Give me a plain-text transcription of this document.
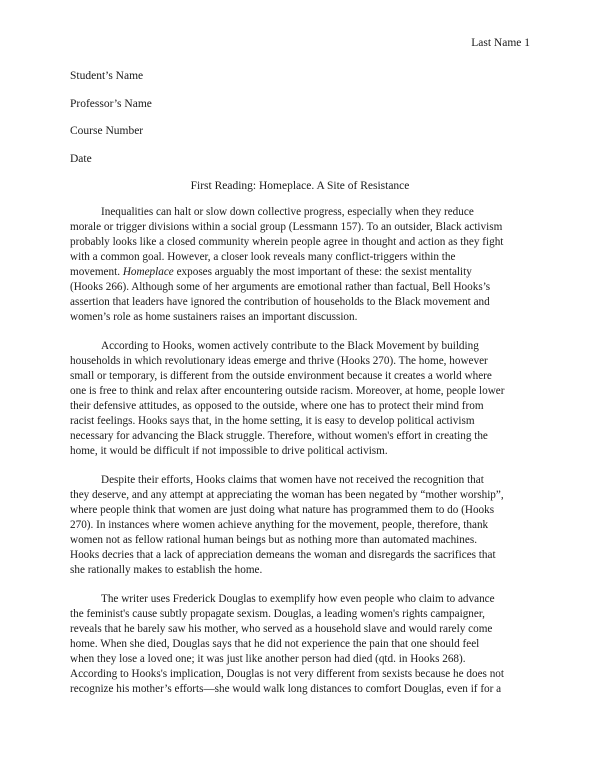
Last Name 1
Student’s Name
Professor’s Name
Course Number
Date
First Reading: Homeplace. A Site of Resistance

Inequalities can halt or slow down collective progress, especially when they reduce
morale or trigger divisions within a social group (Lessmann 157). To an outsider, Black activism
probably looks like a closed community wherein people agree in thought and action as they fight
with a common goal. However, a closer look reveals many conflict-triggers within the
movement. Homeplace exposes arguably the most important of these: the sexist mentality
(Hooks 266). Although some of her arguments are emotional rather than factual, Bell Hooks’s
assertion that leaders have ignored the contribution of households to the Black movement and
women’s role as home sustainers raises an important discussion.

According to Hooks, women actively contribute to the Black Movement by building
households in which revolutionary ideas emerge and thrive (Hooks 270). The home, however
small or temporary, is different from the outside environment because it creates a world where
one is free to think and relax after encountering outside racism. Moreover, at home, people lower
their defensive attitudes, as opposed to the outside, where one has to protect their mind from
racist feelings. Hooks says that, in the home setting, it is easy to develop political activism
necessary for advancing the Black struggle. Therefore, without women's effort in creating the
home, it would be difficult if not impossible to drive political activism.

Despite their efforts, Hooks claims that women have not received the recognition that
they deserve, and any attempt at appreciating the woman has been negated by “mother worship”,
where people think that women are just doing what nature has programmed them to do (Hooks
270). In instances where women achieve anything for the movement, people, therefore, thank
women not as fellow rational human beings but as nothing more than automated machines.
Hooks decries that a lack of appreciation demeans the woman and disregards the sacrifices that
she rationally makes to establish the home.

The writer uses Frederick Douglas to exemplify how even people who claim to advance
the feminist's cause subtly propagate sexism. Douglas, a leading women's rights campaigner,
reveals that he barely saw his mother, who served as a household slave and would rarely come
home. When she died, Douglas says that he did not experience the pain that one should feel
when they lose a loved one; it was just like another person had died (qtd. in Hooks 268).
According to Hooks's implication, Douglas is not very different from sexists because he does not
recognize his mother’s efforts—she would walk long distances to comfort Douglas, even if for a
